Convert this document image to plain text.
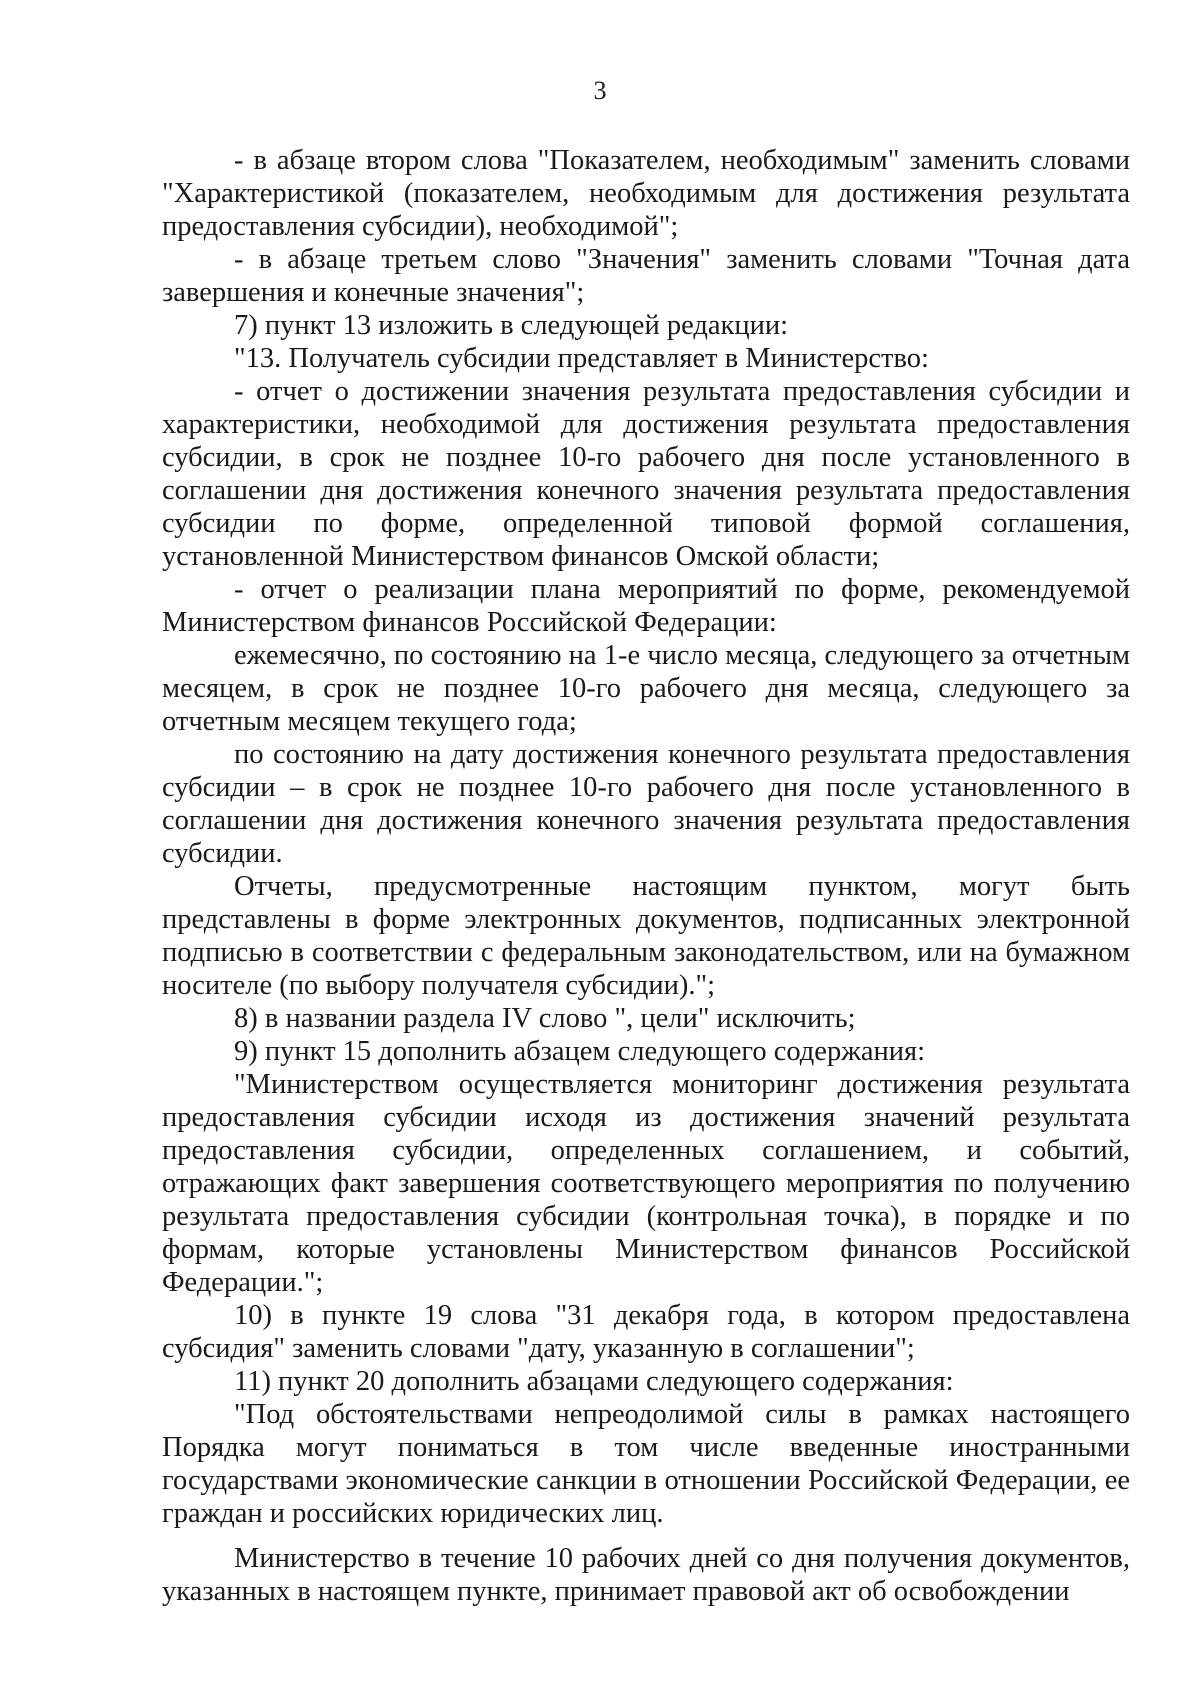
3

- в абзаце втором слова "Показателем, необходимым" заменить словами "Характеристикой (показателем, необходимым для достижения результата предоставления субсидии), необходимой";

- в абзаце третьем слово "Значения" заменить словами "Точная дата завершения и конечные значения";

7) пункт 13 изложить в следующей редакции:

"13. Получатель субсидии представляет в Министерство:

- отчет о достижении значения результата предоставления субсидии и характеристики, необходимой для достижения результата предоставления субсидии, в срок не позднее 10-го рабочего дня после установленного в соглашении дня достижения конечного значения результата предоставления субсидии по форме, определенной типовой формой соглашения, установленной Министерством финансов Омской области;

- отчет о реализации плана мероприятий по форме, рекомендуемой Министерством финансов Российской Федерации:

ежемесячно, по состоянию на 1-е число месяца, следующего за отчетным месяцем, в срок не позднее 10-го рабочего дня месяца, следующего за отчетным месяцем текущего года;

по состоянию на дату достижения конечного результата предоставления субсидии – в срок не позднее 10-го рабочего дня после установленного в соглашении дня достижения конечного значения результата предоставления субсидии.

Отчеты, предусмотренные настоящим пунктом, могут быть представлены в форме электронных документов, подписанных электронной подписью в соответствии с федеральным законодательством, или на бумажном носителе (по выбору получателя субсидии).";

8) в названии раздела IV слово ", цели" исключить;

9) пункт 15 дополнить абзацем следующего содержания:

"Министерством осуществляется мониторинг достижения результата предоставления субсидии исходя из достижения значений результата предоставления субсидии, определенных соглашением, и событий, отражающих факт завершения соответствующего мероприятия по получению результата предоставления субсидии (контрольная точка), в порядке и по формам, которые установлены Министерством финансов Российской Федерации.";

10) в пункте 19 слова "31 декабря года, в котором предоставлена субсидия" заменить словами "дату, указанную в соглашении";

11) пункт 20 дополнить абзацами следующего содержания:

"Под обстоятельствами непреодолимой силы в рамках настоящего Порядка могут пониматься в том числе введенные иностранными государствами экономические санкции в отношении Российской Федерации, ее граждан и российских юридических лиц.

Министерство в течение 10 рабочих дней со дня получения документов, указанных в настоящем пункте, принимает правовой акт об освобождении
